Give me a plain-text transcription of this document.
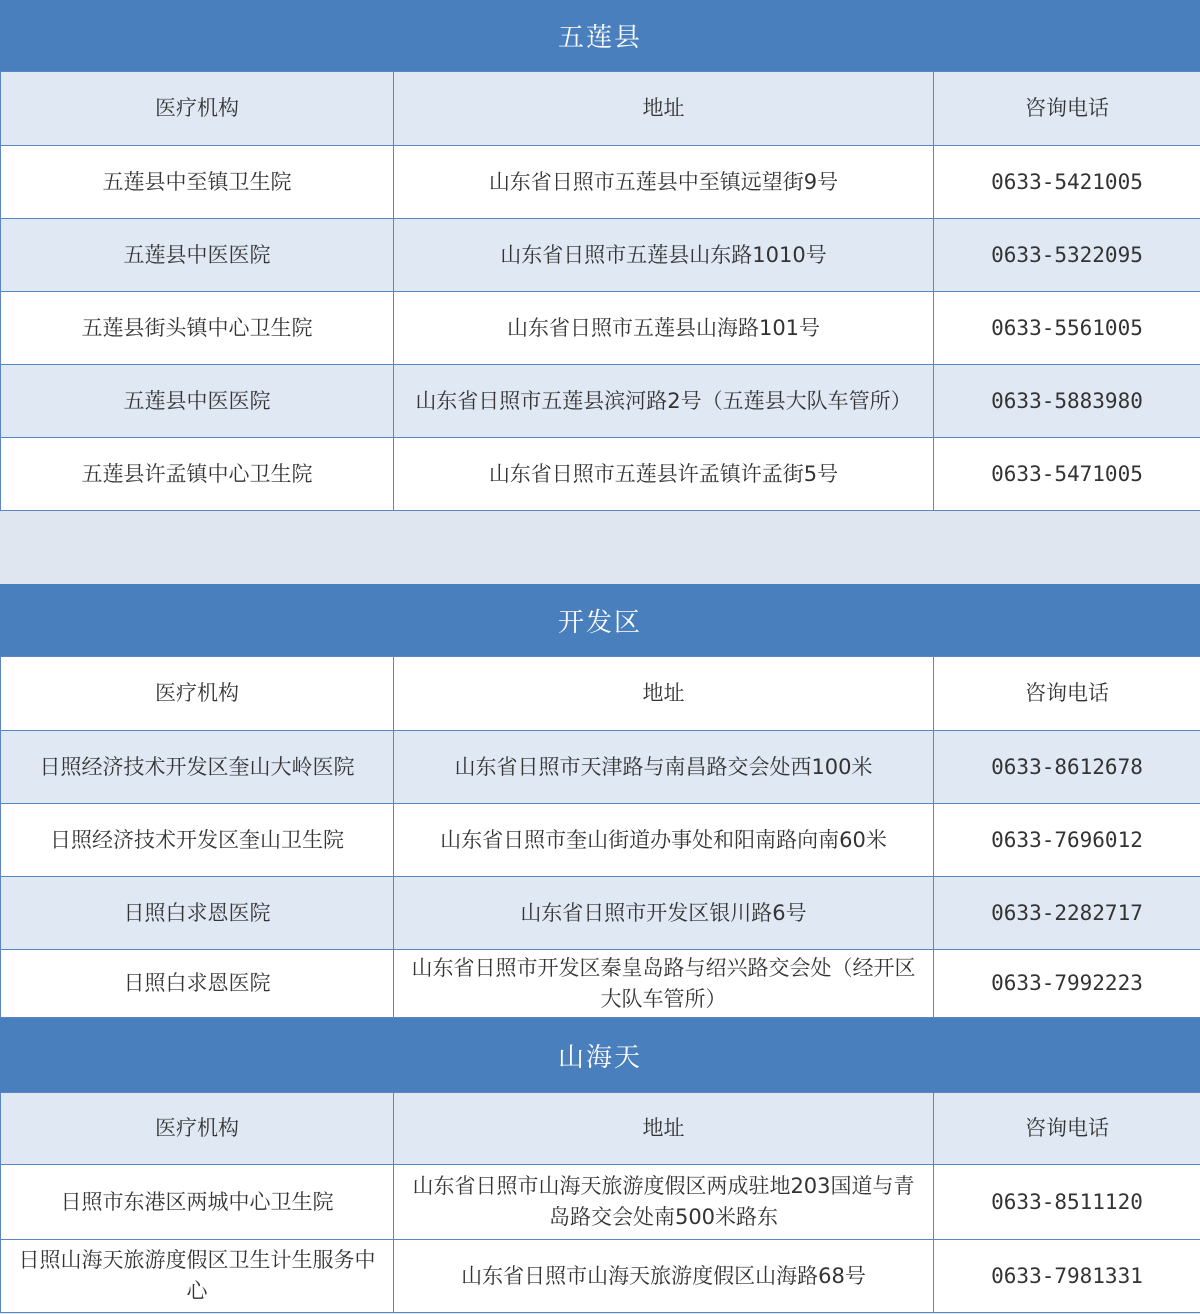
五莲县
医疗机构	地址	咨询电话
五莲县中至镇卫生院	山东省日照市五莲县中至镇远望街9号	0633-5421005
五莲县中医医院	山东省日照市五莲县山东路1010号	0633-5322095
五莲县街头镇中心卫生院	山东省日照市五莲县山海路101号	0633-5561005
五莲县中医医院	山东省日照市五莲县滨河路2号（五莲县大队车管所）	0633-5883980
五莲县许孟镇中心卫生院	山东省日照市五莲县许孟镇许孟街5号	0633-5471005
开发区
医疗机构	地址	咨询电话
日照经济技术开发区奎山大岭医院	山东省日照市天津路与南昌路交会处西100米	0633-8612678
日照经济技术开发区奎山卫生院	山东省日照市奎山街道办事处和阳南路向南60米	0633-7696012
日照白求恩医院	山东省日照市开发区银川路6号	0633-2282717
日照白求恩医院	山东省日照市开发区秦皇岛路与绍兴路交会处（经开区大队车管所）	0633-7992223
山海天
医疗机构	地址	咨询电话
日照市东港区两城中心卫生院	山东省日照市山海天旅游度假区两成驻地203国道与青岛路交会处南500米路东	0633-8511120
日照山海天旅游度假区卫生计生服务中心	山东省日照市山海天旅游度假区山海路68号	0633-7981331
